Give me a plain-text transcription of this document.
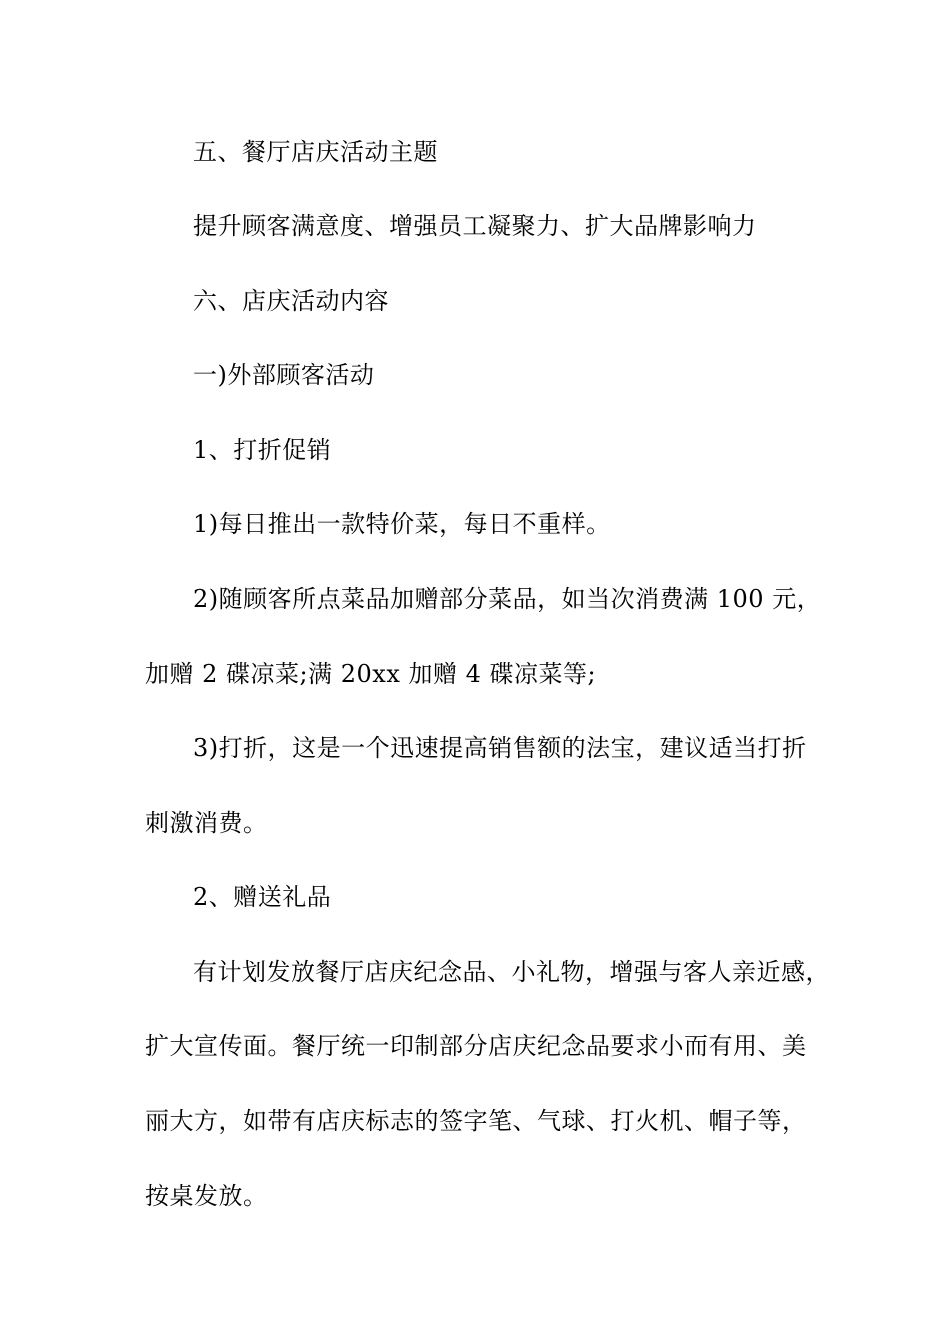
五、餐厅店庆活动主题
提升顾客满意度、增强员工凝聚力、扩大品牌影响力
六、店庆活动内容
一)外部顾客活动
1、打折促销
1)每日推出一款特价菜，每日不重样。
2)随顾客所点菜品加赠部分菜品，如当次消费满 100 元，
加赠 2 碟凉菜;满 20xx 加赠 4 碟凉菜等;
3)打折，这是一个迅速提高销售额的法宝，建议适当打折
刺激消费。
2、赠送礼品
有计划发放餐厅店庆纪念品、小礼物，增强与客人亲近感，
扩大宣传面。餐厅统一印制部分店庆纪念品要求小而有用、美
丽大方，如带有店庆标志的签字笔、气球、打火机、帽子等，
按桌发放。
